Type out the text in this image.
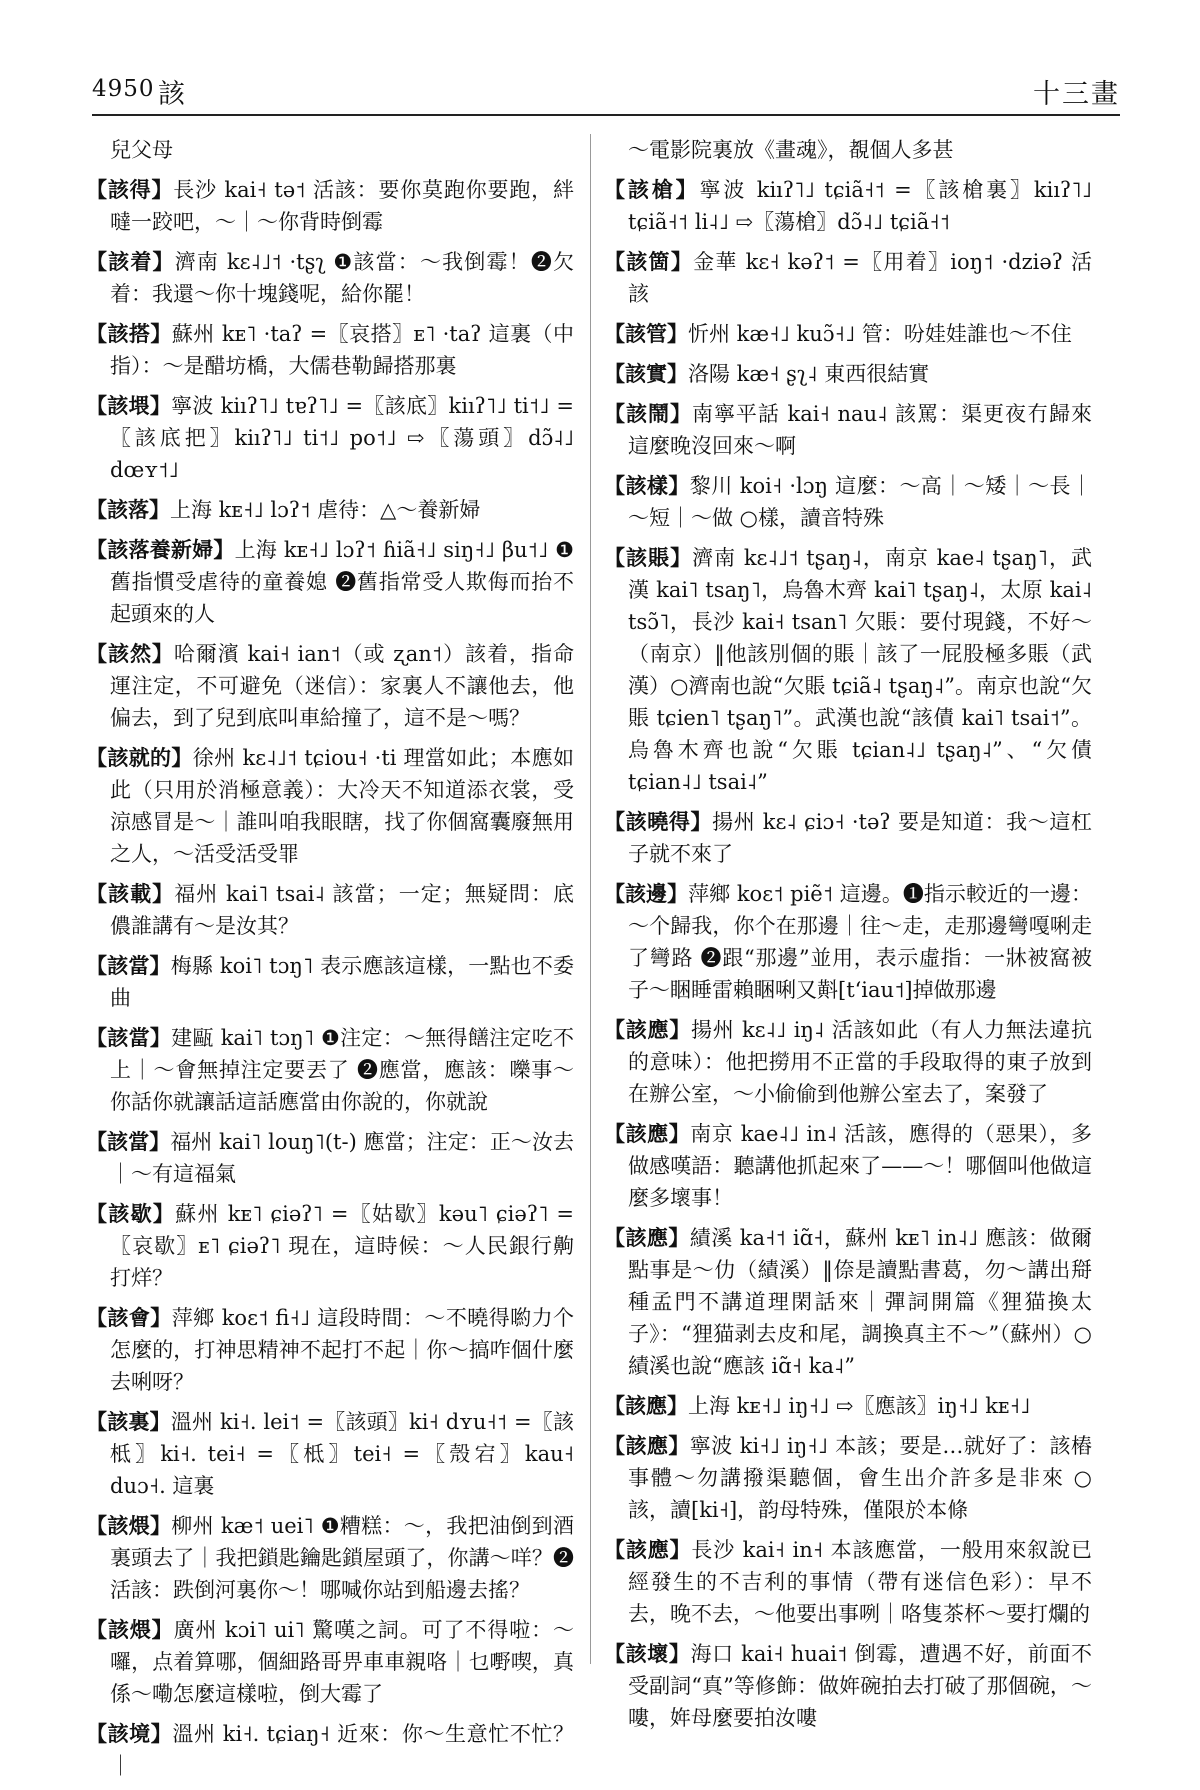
4950 該	十三畫

兒父母

【該得】長沙 kai˧ tə˦ 活該：要你莫跑你要跑，絆噠一跤吧，～｜～你背時倒霉

【該着】濟南 kɛ˨˩˦ ·tʂʅ ❶該當：～我倒霉！❷欠着：我還～你十塊錢呢，給你罷！

【該搭】蘇州 kᴇ˥ ·taʔ =〖哀搭〗ᴇ˥ ·taʔ 這裏（中指）：～是醋坊橋，大儒巷勒歸搭那裏

【該㙗】寧波 kiıʔ˥˩ tɐʔ˥˩ =〖該底〗kiıʔ˥˩ ti˦˩ =〖該底把〗kiıʔ˥˩ ti˦˩ po˦˩ ⇨〖蕩頭〗dɔ̃˨˩ dœʏ˦˩

【該落】上海 kᴇ˧˩ lɔʔ˦ 虐待：△～養新婦

【該落養新婦】上海 kᴇ˧˩ lɔʔ˦ ɦiã˧˩ siŋ˧˩ βu˦˩ ❶舊指慣受虐待的童養媳 ❷舊指常受人欺侮而抬不起頭來的人

【該然】哈爾濱 kai˧ ian˦（或 ʐan˦）該着，指命運注定，不可避免（迷信）：家裏人不讓他去，他偏去，到了兒到底叫車給撞了，這不是～嗎？

【該就的】徐州 kɛ˨˩˦ tɕiou˧ ·ti 理當如此；本應如此（只用於消極意義）：大冷天不知道添衣裳，受涼感冒是～｜誰叫咱我眼瞎，找了你個窩囊廢無用之人，～活受活受罪

【該載】福州 kai˥ tsai˨ 該當；一定；無疑問：底儂誰講有～是汝其？

【該當】梅縣 koi˥ tɔŋ˥ 表示應該這樣，一點也不委曲

【該當】建甌 kai˥ tɔŋ˥ ❶注定：～無得饍注定吃不上｜～會無掉注定要丟了 ❷應當，應該：嚛事～你話你就讓話這話應當由你說的，你就說

【該當】福州 kai˥ louŋ˥(t-) 應當；注定：正～汝去｜～有這福氣

【該歇】蘇州 kᴇ˥ ɕiəʔ˥ =〖姑歇〗kəu˥ ɕiəʔ˥ =〖哀歇〗ᴇ˥ ɕiəʔ˥ 現在，這時候：～人民銀行齁打烊？

【該會】萍鄉 koɛ˦ fi˧˩ 這段時間：～不曉得喲力个怎麼的，打神思精神不起打不起｜你～搞咋個什麼去唎呀？

【該裏】溫州 ki˧. lei˦ =〖該頭〗ki˧ dʏu˧˦ =〖該柢〗ki˧. tei˧ =〖柢〗tei˧ =〖殼宕〗kau˧ duɔ˧. 這裏

【該煨】柳州 kæ˦ uei˥ ❶糟糕：～，我把油倒到酒裏頭去了｜我把鎖匙鑰匙鎖屋頭了，你講～咩？❷活該：跌倒河裏你～！哪喊你站到船邊去搖？

【該煨】廣州 kɔi˥ ui˥ 驚嘆之詞。可了不得啦：～囉，点着算哪，個細路哥畀車車親咯｜乜嘢喫，真係～嘞怎麼這樣啦，倒大霉了

【該境】溫州 ki˧. tɕiaŋ˧ 近來：你～生意忙不忙？｜

～電影院裏放《畫魂》，覩個人多甚

【該槍】寧波 kiıʔ˥˩ tɕiã˧˦ =〖該槍裏〗kiıʔ˥˩ tɕiã˧˦ li˨˩ ⇨〖蕩槍〗dɔ̃˨˩ tɕiã˧˦

【該箇】金華 kɛ˧ kəʔ˦ =〖用着〗ioŋ˦ ·dziəʔ 活該

【該管】忻州 kæ˧˩ kuɔ̃˧˩ 管：吩娃娃誰也～不住

【該實】洛陽 kæ˧ ʂʅ˨ 東西很結實

【該鬧】南寧平話 kai˧ nau˨ 該罵：渠更夜冇歸來這麼晚沒回來～啊

【該樣】黎川 koi˧ ·lɔŋ 這麼：～高｜～矮｜～長｜～短｜～做 ○樣，讀音特殊

【該賬】濟南 kɛ˨˩˦ tʂaŋ˨，南京 kae˨ tʂaŋ˥，武漢 kai˥ tsaŋ˥，烏魯木齊 kai˥ tʂaŋ˨，太原 kai˨ tsɔ̃˥，長沙 kai˧ tsan˥ 欠賬：要付現錢，不好～（南京）‖他該別個的賬｜該了一屁股極多賬（武漢）○濟南也說“欠賬 tɕiã˨ tʂaŋ˨”。南京也說“欠賬 tɕien˥ tʂaŋ˥”。武漢也說“該債 kai˥ tsai˦”。烏魯木齊也說“欠賬 tɕian˨˩ tʂaŋ˨”、“欠債 tɕian˨˩ tsai˨”

【該曉得】揚州 kɛ˨ ɕiɔ˧ ·təʔ 要是知道：我～這杠子就不來了

【該邊】萍鄉 koɛ˦ piẽ˦ 這邊。❶指示較近的一邊：～个歸我，你个在那邊｜往～走，走那邊彎嘎唎走了彎路 ❷跟“那邊”並用，表示虛指：一牀被窩被子～睏睡雷賴睏唎又斢[tʻiau˦]掉做那邊

【該應】揚州 kɛ˨˩ iŋ˨ 活該如此（有人力無法違抗的意味）：他把撈用不正當的手段取得的東子放到在辦公室，～小偷偷到他辦公室去了，案發了

【該應】南京 kae˨˩ in˨ 活該，應得的（惡果），多做感嘆語：聽講他抓起來了——～！哪個叫他做這麼多壞事！

【該應】績溪 ka˧˦ iɑ̃˧，蘇州 kᴇ˥ in˨˩ 應該：做爾點事是～仂（績溪）‖倷是讀點書葛，勿～講出搿種孟門不講道理閑話來｜彈詞開篇《狸猫換太子》：“狸猫剥去皮和尾，調換真主不～”（蘇州）○績溪也說“應該 iɑ̃˧ ka˨”

【該應】上海 kᴇ˧˩ iŋ˧˩ ⇨〖應該〗iŋ˧˩ kᴇ˧˩

【該應】寧波 ki˧˩ iŋ˧˩ 本該；要是…就好了：該樁事體～勿講撥渠聽個，會生出介許多是非來 ○該，讀[ki˧]，韵母特殊，僅限於本條

【該應】長沙 kai˧ in˧ 本該應當，一般用來叙說已經發生的不吉利的事情（帶有迷信色彩）：早不去，晚不去，～他要出事咧｜咯隻茶杯～要打爛的

【該壞】海口 kai˧ huai˦ 倒霉，遭遇不好，前面不受副詞“真”等修飾：做姩碗拍去打破了那個碗，～嘍，姩母麼要拍汝嘍
